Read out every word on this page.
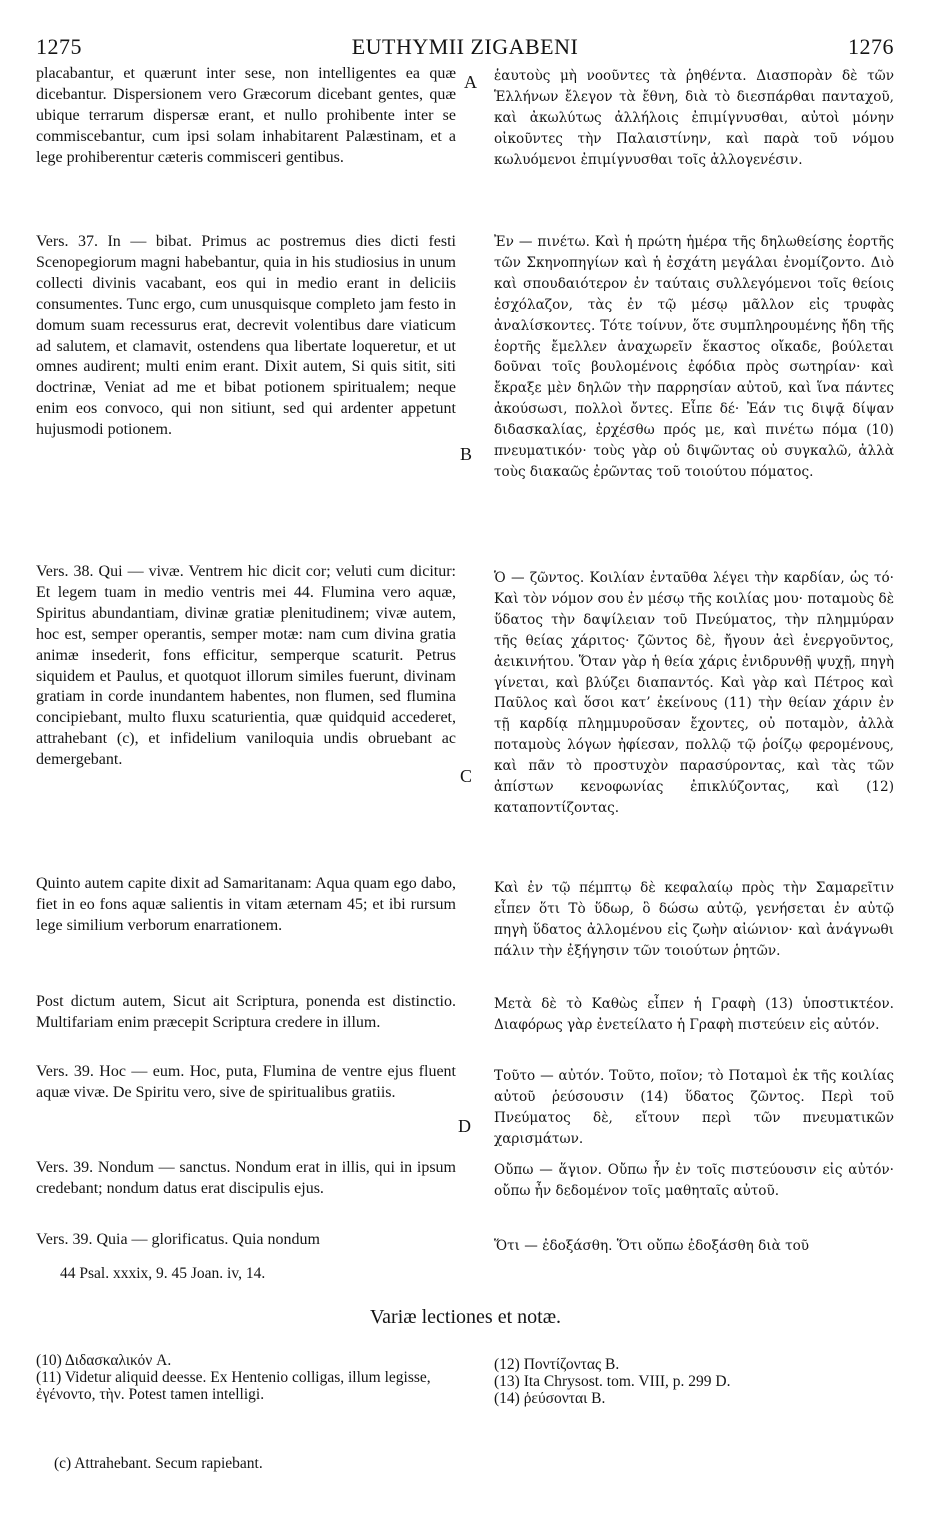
EUTHYMII ZIGABENI
1275	1276

placabantur, et quærunt inter sese, non intelligentes ea quæ dicebantur. Dispersionem vero Græcorum dicebant gentes, quæ ubique terrarum dispersæ erant, et nullo prohibente inter se commiscebantur, cum ipsi solam inhabitarent Palæstinam, et a lege prohiberentur cæteris commisceri gentibus.

Vers. 37. In — bibat. Primus ac postremus dies dicti festi Scenopegiorum magni habebantur, quia in his studiosius in unum collecti divinis vacabant, eos qui in medio erant in deliciis consumentes. Tunc ergo, cum unusquisque completo jam festo in domum suam recessurus erat, decrevit volentibus dare viaticum ad salutem, et clamavit, ostendens qua libertate loqueretur, et ut omnes audirent; multi enim erant. Dixit autem, Si quis sitit, siti doctrinæ, Veniat ad me et bibat potionem spiritualem; neque enim eos convoco, qui non sitiunt, sed qui ardenter appetunt hujusmodi potionem.

Vers. 38. Qui — vivæ. Ventrem hic dicit cor; veluti cum dicitur: Et legem tuam in medio ventris mei 44. Flumina vero aquæ, Spiritus abundantiam, divinæ gratiæ plenitudinem; vivæ autem, hoc est, semper operantis, semper motæ: nam cum divina gratia animæ insederit, fons efficitur, semperque scaturit. Petrus siquidem et Paulus, et quotquot illorum similes fuerunt, divinam gratiam in corde inundantem habentes, non flumen, sed flumina concipiebant, multo fluxu scaturientia, quæ quidquid accederet, attrahebant (c), et infidelium vaniloquia undis obruebant ac demergebant.

Quinto autem capite dixit ad Samaritanam: Aqua quam ego dabo, fiet in eo fons aquæ salientis in vitam æternam 45; et ibi rursum lege similium verborum enarrationem.

Post dictum autem, Sicut ait Scriptura, ponenda est distinctio. Multifariam enim præcepit Scriptura credere in illum.

Vers. 39. Hoc — eum. Hoc, puta, Flumina de ventre ejus fluent aquæ vivæ. De Spiritu vero, sive de spiritualibus gratiis.

Vers. 39. Nondum — sanctus. Nondum erat in illis, qui in ipsum credebant; nondum datus erat discipulis ejus.

Vers. 39. Quia — glorificatus. Quia nondum

44 Psal. xxxix, 9. 45 Joan. iv, 14.

A
B
C
D

ἑαυτοὺς μὴ νοοῦντες τὰ ῥηθέντα. Διασπορὰν δὲ τῶν Ἑλλήνων ἔλεγον τὰ ἔθνη, διὰ τὸ διεσπάρθαι πανταχοῦ, καὶ ἀκωλύτως ἀλλήλοις ἐπιμίγνυσθαι, αὐτοὶ μόνην οἰκοῦντες τὴν Παλαιστίνην, καὶ παρὰ τοῦ νόμου κωλυόμενοι ἐπιμίγνυσθαι τοῖς ἀλλογενέσιν.

Ἐν — πινέτω. Καὶ ἡ πρώτη ἡμέρα τῆς δηλωθείσης ἑορτῆς τῶν Σκηνοπηγίων καὶ ἡ ἐσχάτη μεγάλαι ἐνομίζοντο. Διὸ καὶ σπουδαιότερον ἐν ταύταις συλλεγόμενοι τοῖς θείοις ἐσχόλαζον, τὰς ἐν τῷ μέσῳ μᾶλλον εἰς τρυφὰς ἀναλίσκοντες. Τότε τοίνυν, ὅτε συμπληρουμένης ἤδη τῆς ἑορτῆς ἔμελλεν ἀναχωρεῖν ἕκαστος οἴκαδε, βούλεται δοῦναι τοῖς βουλομένοις ἐφόδια πρὸς σωτηρίαν· καὶ ἔκραξε μὲν δηλῶν τὴν παρρησίαν αὐτοῦ, καὶ ἵνα πάντες ἀκούσωσι, πολλοὶ ὄντες. Εἶπε δέ· Ἐάν τις διψᾷ δίψαν διδασκαλίας, ἐρχέσθω πρός με, καὶ πινέτω πόμα (10) πνευματικόν· τοὺς γὰρ οὐ διψῶντας οὐ συγκαλῶ, ἀλλὰ τοὺς διακαῶς ἐρῶντας τοῦ τοιούτου πόματος.

Ὁ — ζῶντος. Κοιλίαν ἐνταῦθα λέγει τὴν καρδίαν, ὡς τό· Καὶ τὸν νόμον σου ἐν μέσῳ τῆς κοιλίας μου· ποταμοὺς δὲ ὕδατος τὴν δαψίλειαν τοῦ Πνεύματος, τὴν πλημμύραν τῆς θείας χάριτος· ζῶντος δὲ, ἤγουν ἀεὶ ἐνεργοῦντος, ἀεικινήτου. Ὅταν γὰρ ἡ θεία χάρις ἐνιδρυνθῇ ψυχῇ, πηγὴ γίνεται, καὶ βλύζει διαπαντός. Καὶ γὰρ καὶ Πέτρος καὶ Παῦλος καὶ ὅσοι κατ’ ἐκείνους (11) τὴν θείαν χάριν ἐν τῇ καρδίᾳ πλημμυροῦσαν ἔχοντες, οὐ ποταμὸν, ἀλλὰ ποταμοὺς λόγων ἠφίεσαν, πολλῷ τῷ ῥοίζῳ φερομένους, καὶ πᾶν τὸ προστυχὸν παρασύροντας, καὶ τὰς τῶν ἀπίστων κενοφωνίας ἐπικλύζοντας, καὶ (12) καταποντίζοντας.

Καὶ ἐν τῷ πέμπτῳ δὲ κεφαλαίῳ πρὸς τὴν Σαμαρεῖτιν εἶπεν ὅτι Τὸ ὕδωρ, ὃ δώσω αὐτῷ, γενήσεται ἐν αὐτῷ πηγὴ ὕδατος ἀλλομένου εἰς ζωὴν αἰώνιον· καὶ ἀνάγνωθι πάλιν τὴν ἐξήγησιν τῶν τοιούτων ῥητῶν.

Μετὰ δὲ τὸ Καθὼς εἶπεν ἡ Γραφὴ (13) ὑποστικτέον. Διαφόρως γὰρ ἐνετείλατο ἡ Γραφὴ πιστεύειν εἰς αὐτόν.

Τοῦτο — αὐτόν. Τοῦτο, ποῖον; τὸ Ποταμοὶ ἐκ τῆς κοιλίας αὐτοῦ ῥεύσουσιν (14) ὕδατος ζῶντος. Περὶ τοῦ Πνεύματος δὲ, εἴτουν περὶ τῶν πνευματικῶν χαρισμάτων.

Οὔπω — ἅγιον. Οὔπω ἦν ἐν τοῖς πιστεύουσιν εἰς αὐτόν· οὔπω ἦν δεδομένον τοῖς μαθηταῖς αὐτοῦ.

Ὅτι — ἐδοξάσθη. Ὅτι οὔπω ἐδοξάσθη διὰ τοῦ

Variæ lectiones et notæ.
(10) Διδασκαλικόν A.
(11) Videtur aliquid deesse. Ex Hentenio colligas, illum legisse, ἐγένοντο, τὴν. Potest tamen intelligi.
(12) Ποντίζοντας B.
(13) Ita Chrysost. tom. VIII, p. 299 D.
(14) ῥεύσονται B.
(c) Attrahebant. Secum rapiebant.
